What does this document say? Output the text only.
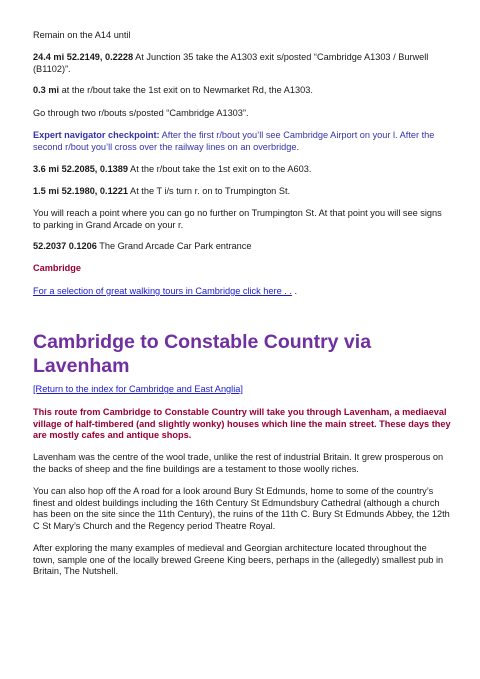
Remain on the A14 until

24.4 mi 52.2149, 0.2228 At Junction 35 take the A1303 exit s/posted “Cambridge A1303 / Burwell (B1102)”.

0.3 mi at the r/bout take the 1st exit on to Newmarket Rd, the A1303.

Go through two r/bouts s/posted “Cambridge A1303”.

Expert navigator checkpoint: After the first r/bout you’ll see Cambridge Airport on your l. After the second r/bout you’ll cross over the railway lines on an overbridge.

3.6 mi 52.2085, 0.1389 At the r/bout take the 1st exit on to the A603.

1.5 mi 52.1980, 0.1221 At the T i/s turn r. on to Trumpington St.

You will reach a point where you can go no further on Trumpington St. At that point you will see signs to parking in Grand Arcade on your r.

52.2037 0.1206 The Grand Arcade Car Park entrance

Cambridge

For a selection of great walking tours in Cambridge click here . . .

Cambridge to Constable Country via Lavenham

[Return to the index for Cambridge and East Anglia]

This route from Cambridge to Constable Country will take you through Lavenham, a mediaeval village of half-timbered (and slightly wonky) houses which line the main street. These days they are mostly cafes and antique shops.

Lavenham was the centre of the wool trade, unlike the rest of industrial Britain. It grew prosperous on the backs of sheep and the fine buildings are a testament to those woolly riches.

You can also hop off the A road for a look around Bury St Edmunds, home to some of the country’s finest and oldest buildings including the 16th Century St Edmundsbury Cathedral (although a church has been on the site since the 11th Century), the ruins of the 11th C. Bury St Edmunds Abbey, the 12th C St Mary’s Church and the Regency period Theatre Royal.

After exploring the many examples of medieval and Georgian architecture located throughout the town, sample one of the locally brewed Greene King beers, perhaps in the (allegedly) smallest pub in Britain, The Nutshell.
